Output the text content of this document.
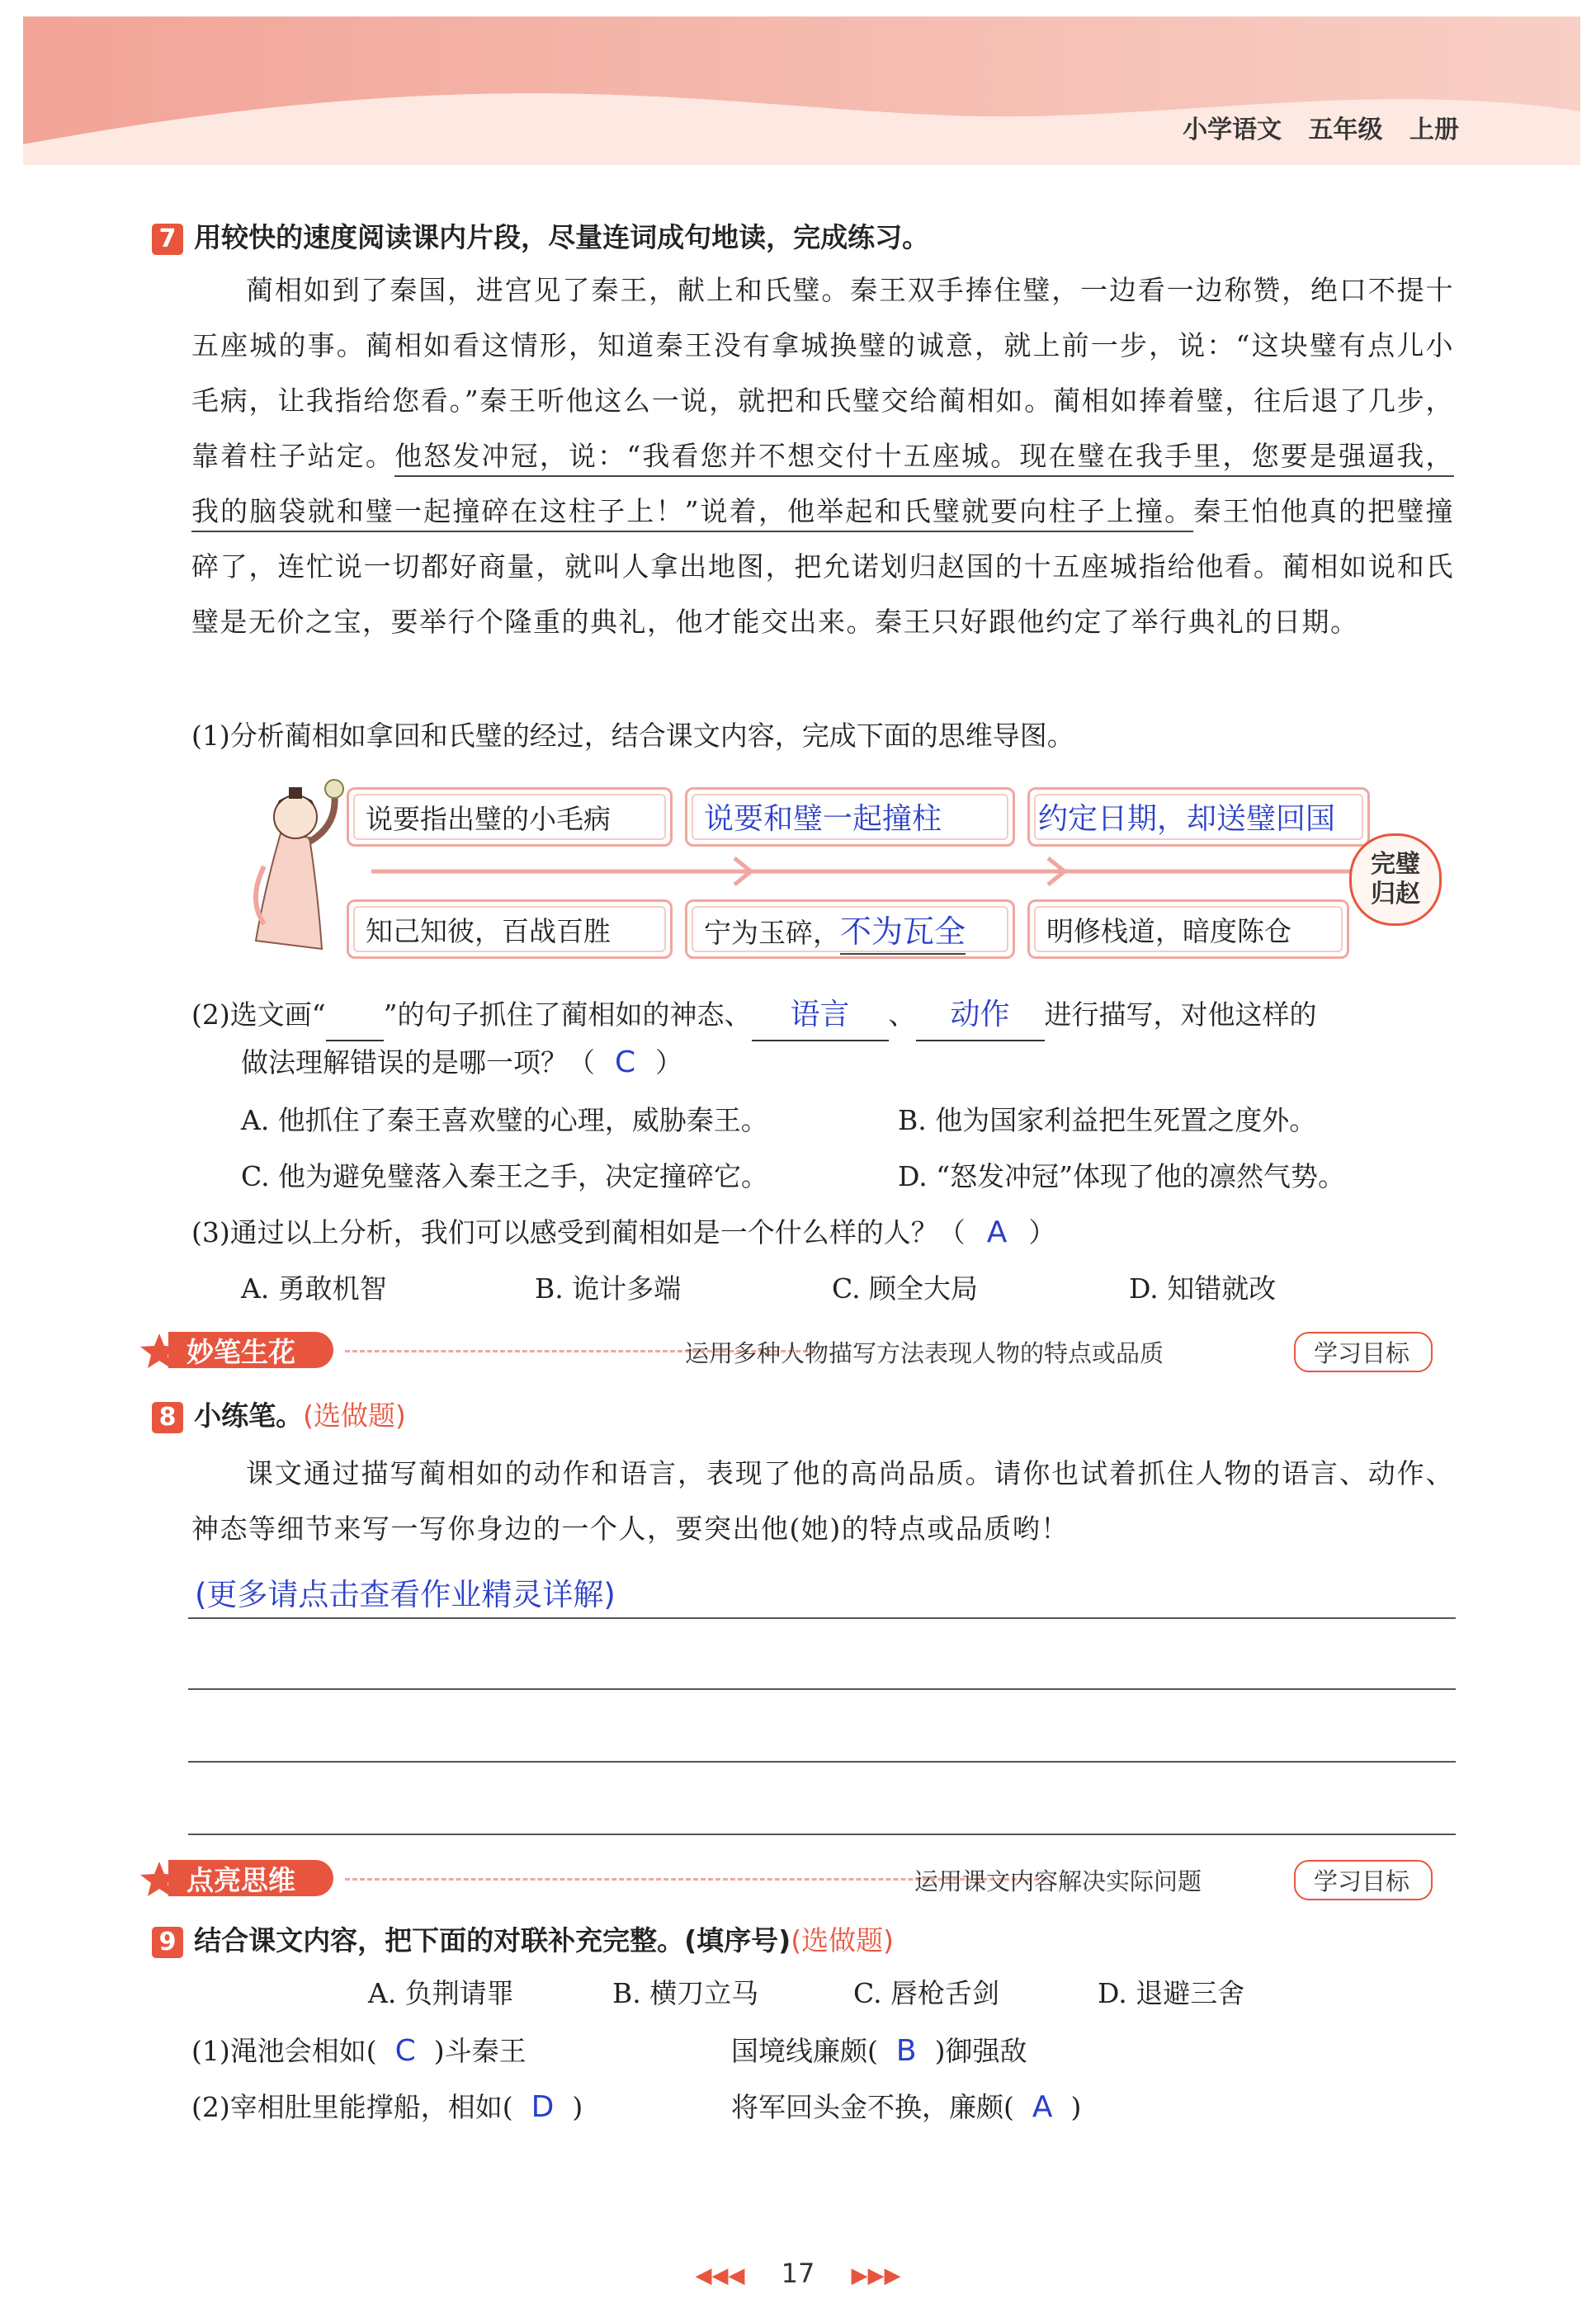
小学语文 五年级 上册
7 用较快的速度阅读课内片段，尽量连词成句地读，完成练习。
蔺相如到了秦国，进宫见了秦王，献上和氏璧。秦王双手捧住璧，一边看一边称赞，绝口不提十五座城的事。蔺相如看这情形，知道秦王没有拿城换璧的诚意，就上前一步，说：“这块璧有点儿小毛病，让我指给您看。”秦王听他这么一说，就把和氏璧交给蔺相如。蔺相如捧着璧，往后退了几步，靠着柱子站定。他怒发冲冠，说：“我看您并不想交付十五座城。现在璧在我手里，您要是强逼我，我的脑袋就和璧一起撞碎在这柱子上！”说着，他举起和氏璧就要向柱子上撞。秦王怕他真的把璧撞碎了，连忙说一切都好商量，就叫人拿出地图，把允诺划归赵国的十五座城指给他看。蔺相如说和氏璧是无价之宝，要举行个隆重的典礼，他才能交出来。秦王只好跟他约定了举行典礼的日期。
(1)分析蔺相如拿回和氏璧的经过，结合课文内容，完成下面的思维导图。
说要指出璧的小毛病	说要和璧一起撞柱	约定日期，却送璧回国
知己知彼，百战百胜	宁为玉碎，不为瓦全	明修栈道，暗度陈仓
完璧归赵
(2)选文画“ ”的句子抓住了蔺相如的神态、 语言 、 动作 进行描写，对他这样的
做法理解错误的是哪一项？（ C ）
A. 他抓住了秦王喜欢璧的心理，威胁秦王。	B. 他为国家利益把生死置之度外。
C. 他为避免璧落入秦王之手，决定撞碎它。	D. “怒发冲冠”体现了他的凛然气势。
(3)通过以上分析，我们可以感受到蔺相如是一个什么样的人？（ A ）
A. 勇敢机智	B. 诡计多端	C. 顾全大局	D. 知错就改
妙笔生花	运用多种人物描写方法表现人物的特点或品质	学习目标
8 小练笔。(选做题)
课文通过描写蔺相如的动作和语言，表现了他的高尚品质。请你也试着抓住人物的语言、动作、神态等细节来写一写你身边的一个人，要突出他(她)的特点或品质哟！
(更多请点击查看作业精灵详解)
点亮思维	运用课文内容解决实际问题	学习目标
9 结合课文内容，把下面的对联补充完整。(填序号)(选做题)
A. 负荆请罪	B. 横刀立马	C. 唇枪舌剑	D. 退避三舍
(1)渑池会相如( C )斗秦王	国境线廉颇( B )御强敌
(2)宰相肚里能撑船，相如( D )	将军回头金不换，廉颇( A )
◀◀◀ 17 ▶▶▶
